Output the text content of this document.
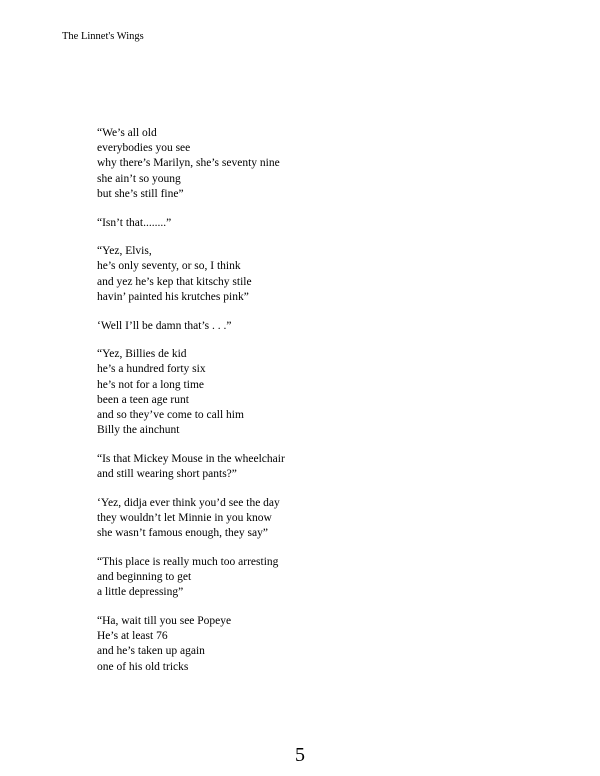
The Linnet's Wings
“We’s all old
everybodies you see
why there’s Marilyn, she’s seventy nine
she ain’t so young
but she’s still fine”
“Isn’t that........”
“Yez, Elvis,
he’s only seventy, or so, I think
and yez he’s kep that kitschy stile
havin’ painted his krutches pink”
‘Well I’ll be damn that’s . . .”
“Yez, Billies de kid
he’s a hundred forty six
he’s not for a long time
been a teen age runt
and so they’ve come to call him
Billy the ainchunt
“Is that Mickey Mouse in the wheelchair
and still wearing short pants?”
‘Yez, didja ever think you’d see the day
they wouldn’t let Minnie in you know
she wasn’t famous enough, they say”
“This place is really much too arresting
and beginning to get
a little depressing”
“Ha, wait till you see Popeye
He’s at least 76
and he’s taken up again
one of his old tricks
5
